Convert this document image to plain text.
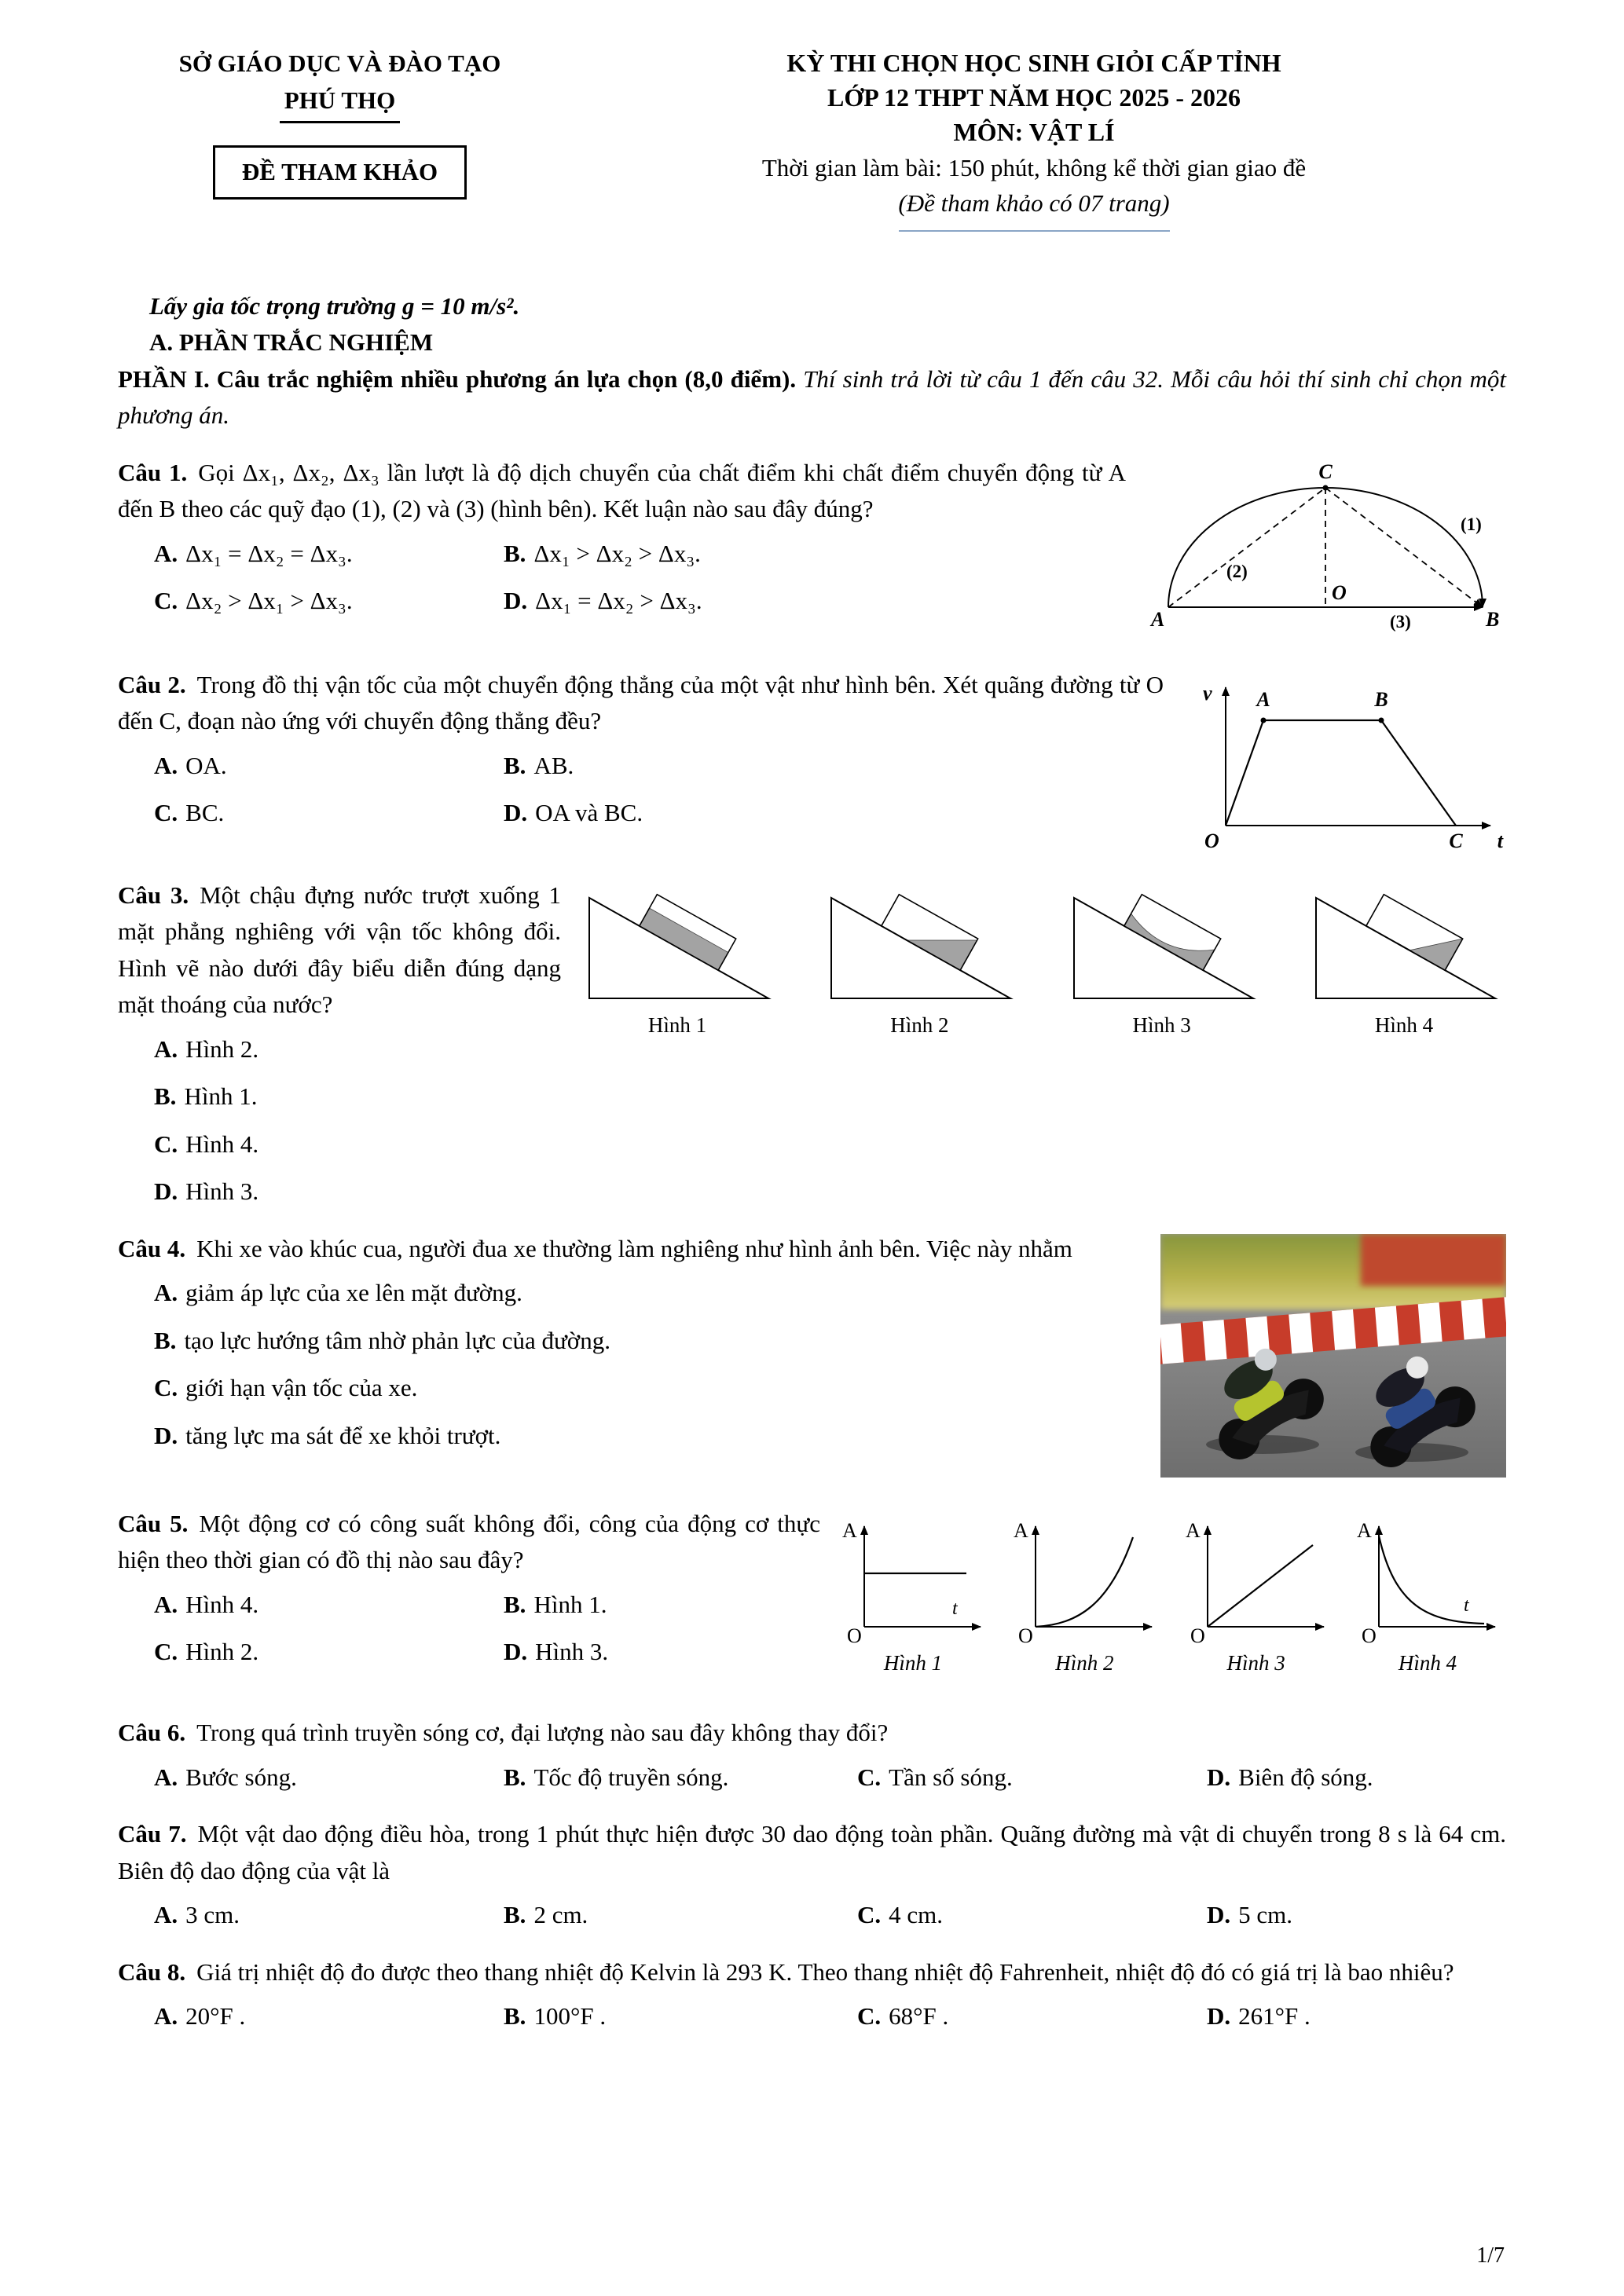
SỞ GIÁO DỤC VÀ ĐÀO TẠO
PHÚ THỌ
ĐỀ THAM KHẢO
KỲ THI CHỌN HỌC SINH GIỎI CẤP TỈNH
LỚP 12 THPT NĂM HỌC 2025 - 2026
MÔN: VẬT LÍ
Thời gian làm bài: 150 phút, không kể thời gian giao đề
(Đề tham khảo có 07 trang)

Lấy gia tốc trọng trường g = 10 m/s².

A. PHẦN TRẮC NGHIỆM

PHẦN I. Câu trắc nghiệm nhiều phương án lựa chọn (8,0 điểm). Thí sinh trả lời từ câu 1 đến câu 32. Mỗi câu hỏi thí sinh chỉ chọn một phương án.

C
A	B
O
(1)
(2)
(3)

Câu 1. Gọi Δx₁, Δx₂, Δx₃ lần lượt là độ dịch chuyển của chất điểm khi chất điểm chuyển động từ A đến B theo các quỹ đạo (1), (2) và (3) (hình bên). Kết luận nào sau đây đúng?

A. Δx₁ = Δx₂ = Δx₃.	B. Δx₁ > Δx₂ > Δx₃.
C. Δx₂ > Δx₁ > Δx₃.	D. Δx₁ = Δx₂ > Δx₃.
v A	B
O	C t

Câu 2. Trong đồ thị vận tốc của một chuyển động thẳng của một vật như hình bên. Xét quãng đường từ O đến C, đoạn nào ứng với chuyển động thẳng đều?

A. OA.	B. AB.
C. BC.	D. OA và BC.
Hình 1	Hình 2	Hình 3	Hình 4

Câu 3. Một chậu đựng nước trượt xuống 1 mặt phẳng nghiêng với vận tốc không đổi. Hình vẽ nào dưới đây biểu diễn đúng dạng mặt thoáng của nước?

A. Hình 2.
B. Hình 1.
C. Hình 4.
D. Hình 3.

Câu 4. Khi xe vào khúc cua, người đua xe thường làm nghiêng như hình ảnh bên. Việc này nhằm

A. giảm áp lực của xe lên mặt đường.
B. tạo lực hướng tâm nhờ phản lực của đường.
C. giới hạn vận tốc của xe.
D. tăng lực ma sát để xe khỏi trượt.
A
O
t
Hình 1
A
O
Hình 2
A
O
Hình 3
A
O
t
Hình 4

Câu 5. Một động cơ có công suất không đổi, công của động cơ thực hiện theo thời gian có đồ thị nào sau đây?

A. Hình 4.	B. Hình 1.
C. Hình 2.	D. Hình 3.

Câu 6. Trong quá trình truyền sóng cơ, đại lượng nào sau đây không thay đổi?

A. Bước sóng.	B. Tốc độ truyền sóng.	C. Tần số sóng.	D. Biên độ sóng.

Câu 7. Một vật dao động điều hòa, trong 1 phút thực hiện được 30 dao động toàn phần. Quãng đường mà vật di chuyển trong 8 s là 64 cm. Biên độ dao động của vật là

A. 3 cm.	B. 2 cm.	C. 4 cm.	D. 5 cm.

Câu 8. Giá trị nhiệt độ đo được theo thang nhiệt độ Kelvin là 293 K. Theo thang nhiệt độ Fahrenheit, nhiệt độ đó có giá trị là bao nhiêu?

A. 20°F .	B. 100°F .	C. 68°F .	D. 261°F .
1/7
